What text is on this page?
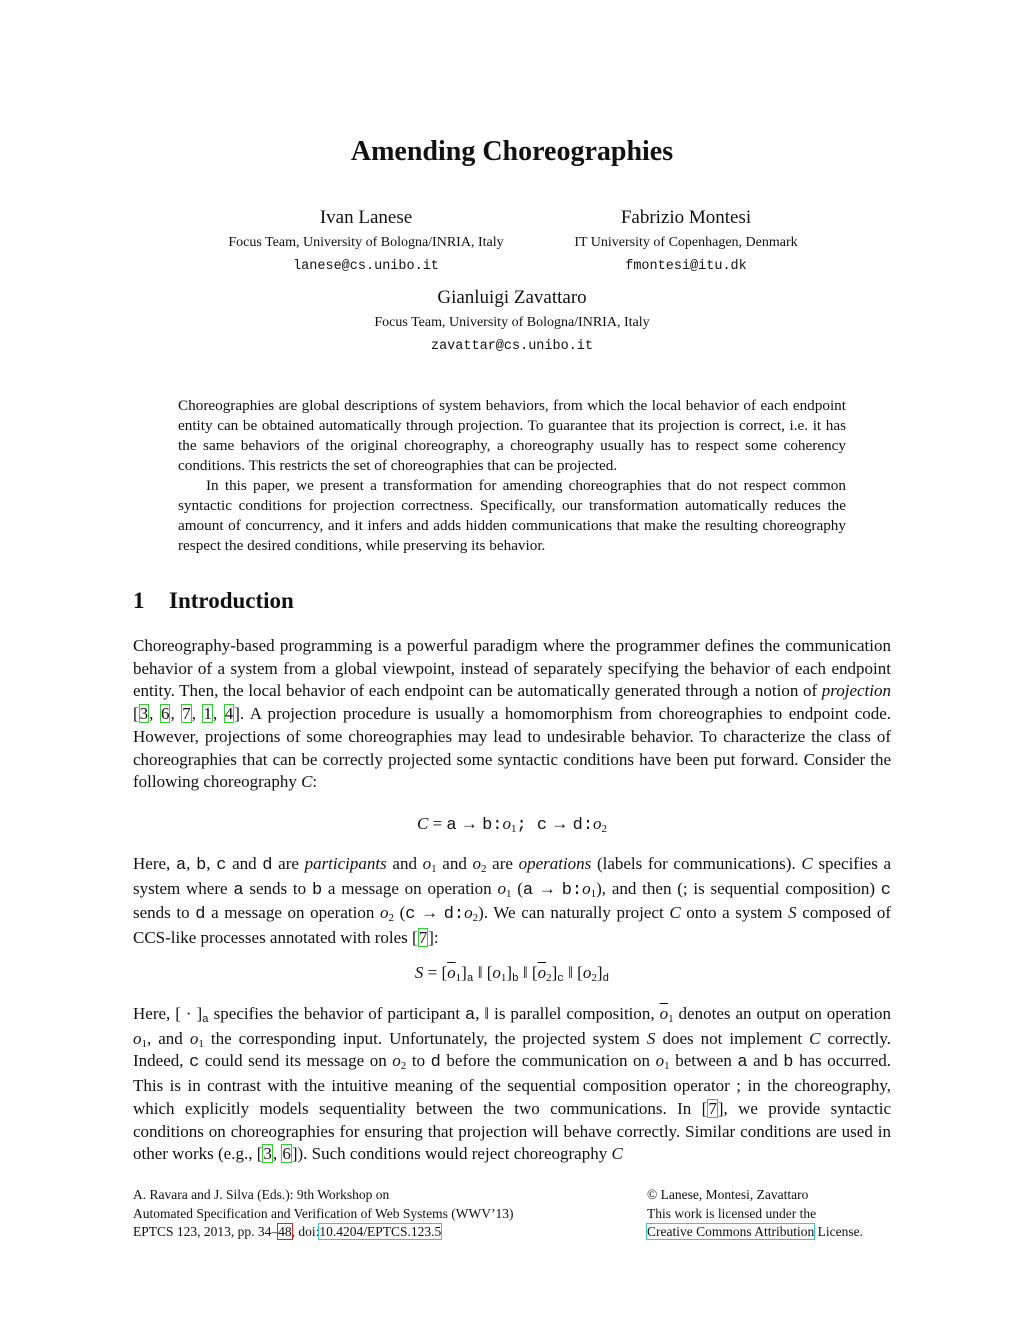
Amending Choreographies
Ivan Lanese
Focus Team, University of Bologna/INRIA, Italy
lanese@cs.unibo.it
Fabrizio Montesi
IT University of Copenhagen, Denmark
fmontesi@itu.dk
Gianluigi Zavattaro
Focus Team, University of Bologna/INRIA, Italy
zavattar@cs.unibo.it

Choreographies are global descriptions of system behaviors, from which the local behavior of each endpoint entity can be obtained automatically through projection. To guarantee that its projection is correct, i.e. it has the same behaviors of the original choreography, a choreography usually has to respect some coherency conditions. This restricts the set of choreographies that can be projected.

In this paper, we present a transformation for amending choreographies that do not respect common syntactic conditions for projection correctness. Specifically, our transformation automatically reduces the amount of concurrency, and it infers and adds hidden communications that make the resulting choreography respect the desired conditions, while preserving its behavior.

1 Introduction

Choreography-based programming is a powerful paradigm where the programmer defines the communication behavior of a system from a global viewpoint, instead of separately specifying the behavior of each endpoint entity. Then, the local behavior of each endpoint can be automatically generated through a notion of projection [3, 6, 7, 1, 4]. A projection procedure is usually a homomorphism from choreographies to endpoint code. However, projections of some choreographies may lead to undesirable behavior. To characterize the class of choreographies that can be correctly projected some syntactic conditions have been put forward. Consider the following choreography C:

$C = a \to b:o_1$; $c \to d:o_2$

Here, a, b, c and d are participants and $o_1$ and $o_2$ are operations (labels for communications). C specifies a system where a sends to b a message on operation $o_1$ $(a \to b:o_1)$, and then (; is sequential composition) c sends to d a message on operation $o_2$ $(c \to d:o_2)$. We can naturally project C onto a system S composed of CCS-like processes annotated with roles [7]:

$S = [\overline{o}_1]_a$ ‖ $[o_1]_b$ ‖ $[\overline{o}_2]_c$ ‖ $[o_2]_d$

Here, [ · ]$_a$ specifies the behavior of participant a, ‖ is parallel composition, $\overline{o}_1$ denotes an output on operation $o_1$, and $o_1$ the corresponding input. Unfortunately, the projected system S does not implement C correctly. Indeed, c could send its message on $o_2$ to d before the communication on $o_1$ between a and b has occurred. This is in contrast with the intuitive meaning of the sequential composition operator ; in the choreography, which explicitly models sequentiality between the two communications. In [7], we provide syntactic conditions on choreographies for ensuring that projection will behave correctly. Similar conditions are used in other works (e.g., [3, 6]). Such conditions would reject choreography C

A. Ravara and J. Silva (Eds.): 9th Workshop on
Automated Specification and Verification of Web Systems (WWV’13)
EPTCS 123, 2013, pp. 34–48, doi:10.4204/EPTCS.123.5
© Lanese, Montesi, Zavattaro
This work is licensed under the
Creative Commons Attribution License.
